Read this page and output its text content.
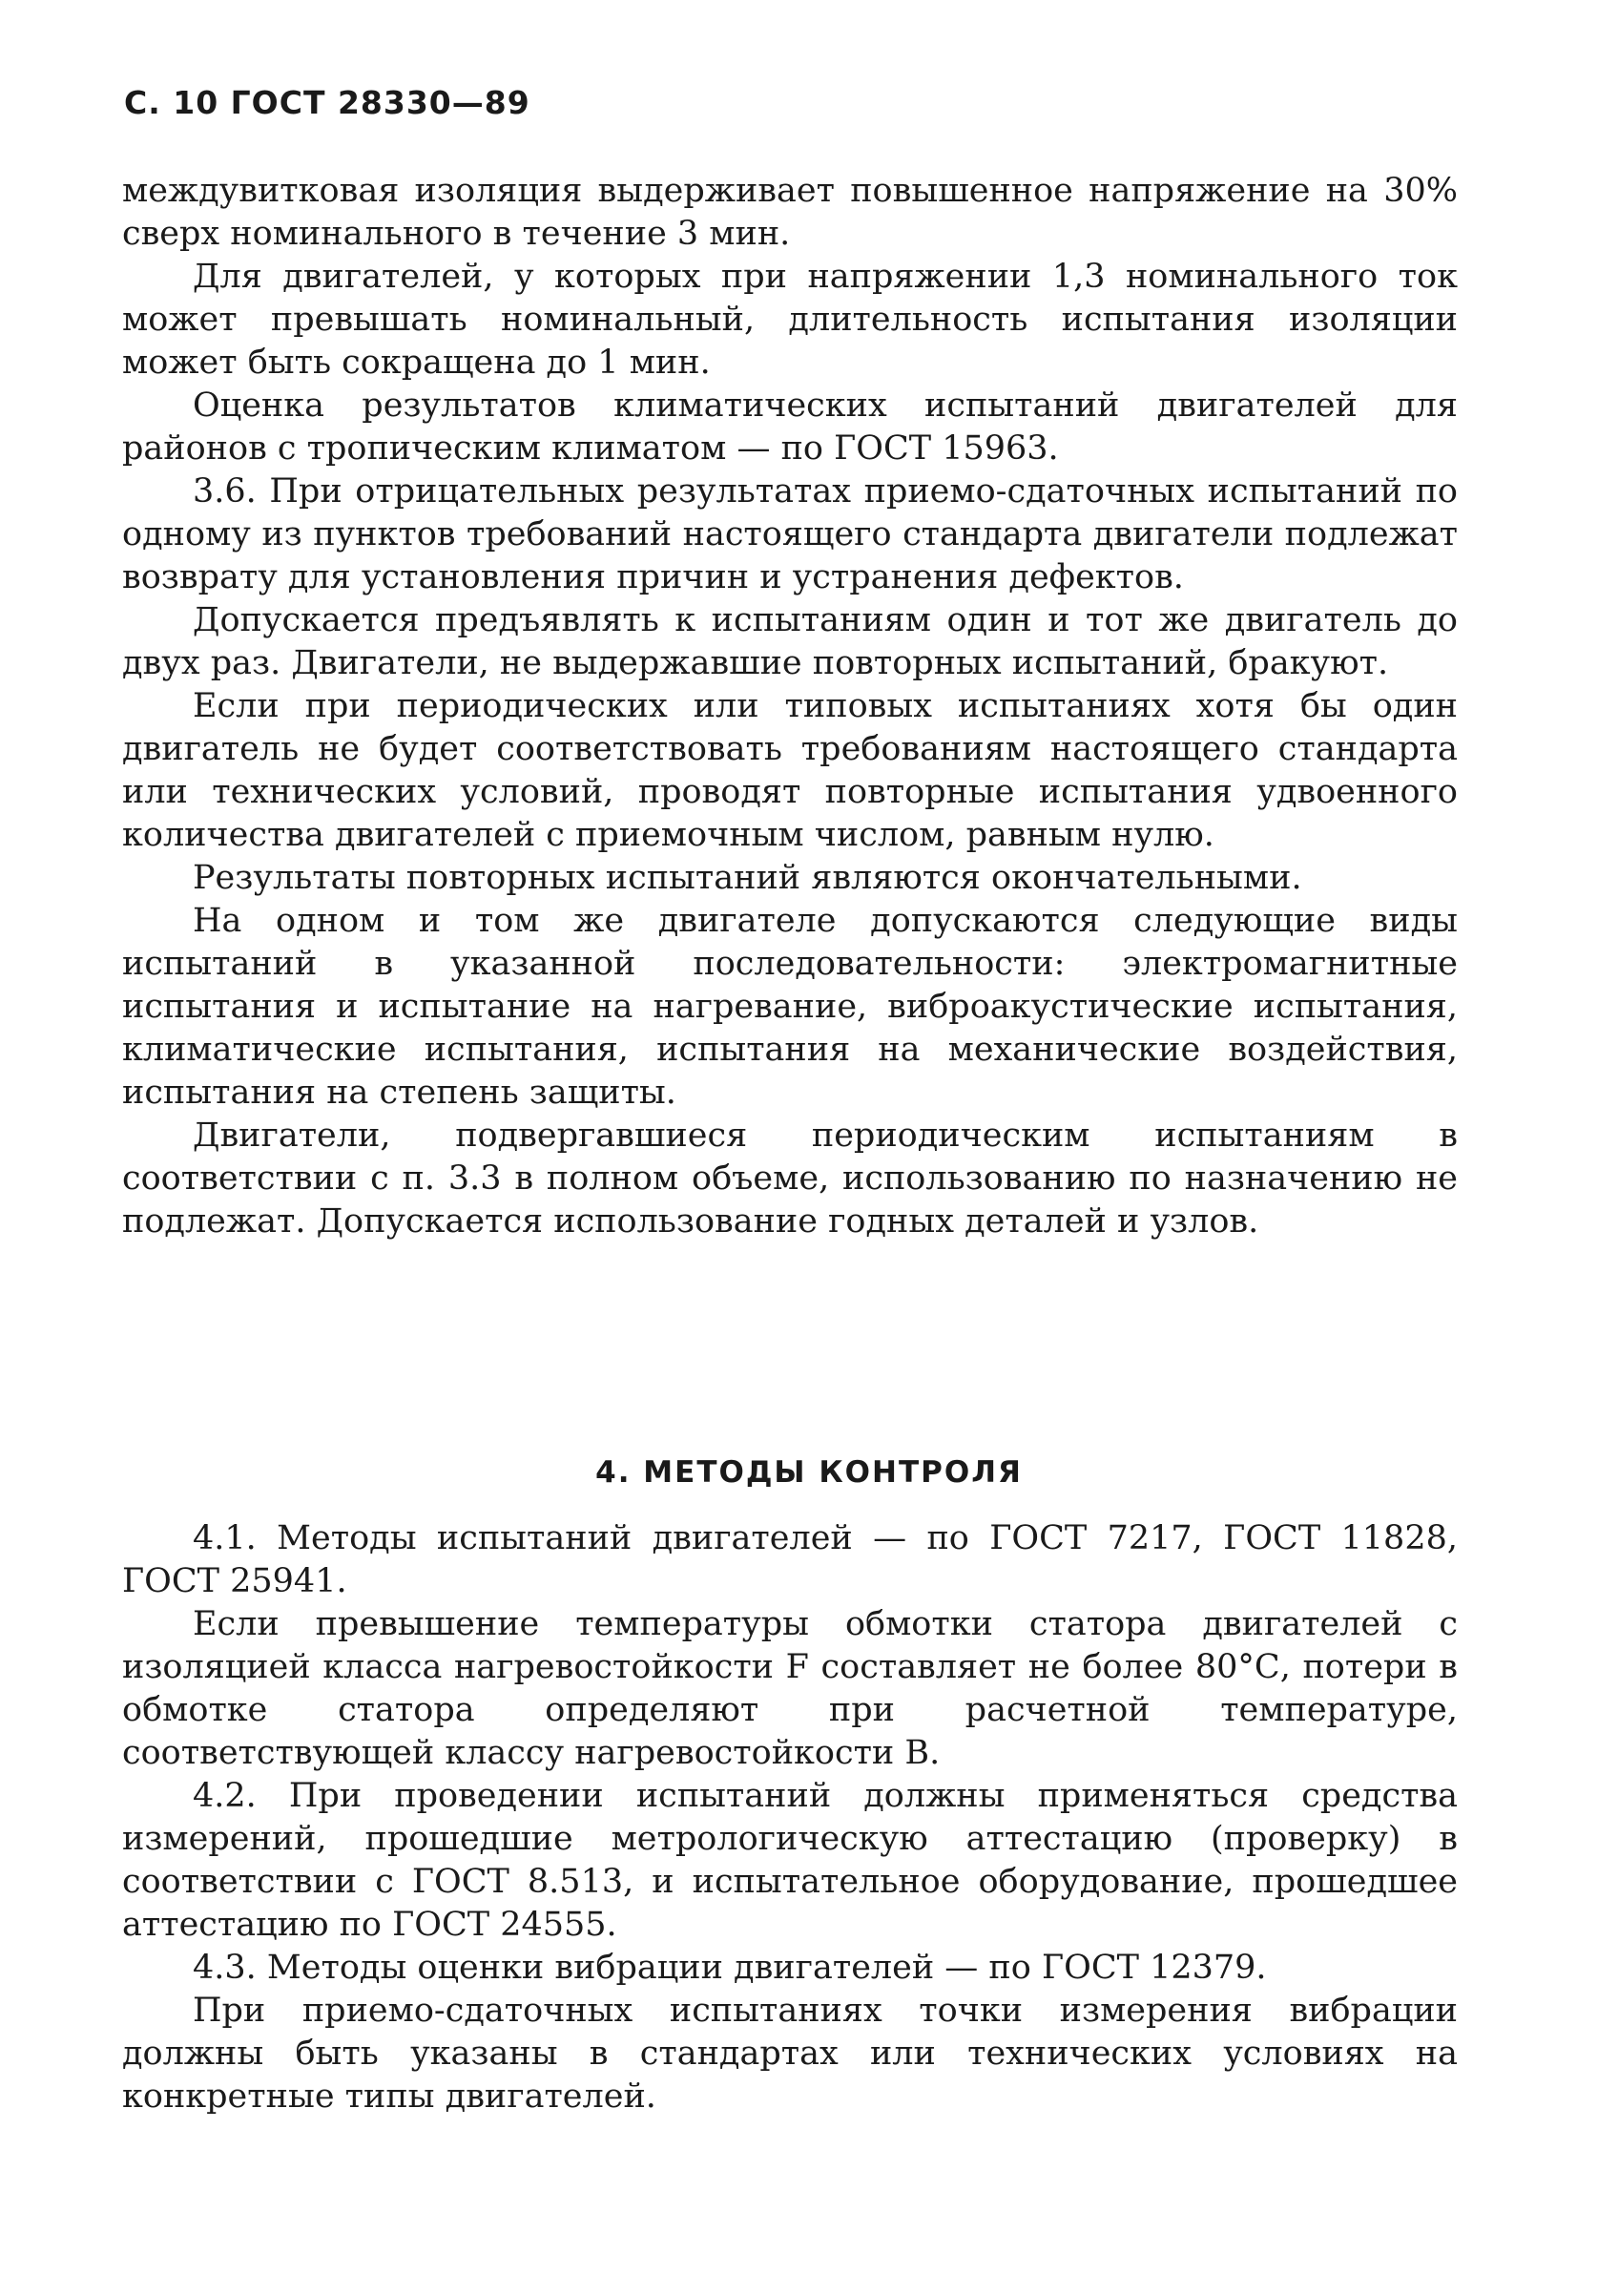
С. 10 ГОСТ 28330—89

междувитковая изоляция выдерживает повышенное напряжение на 30% сверх номинального в течение 3 мин.

Для двигателей, у которых при напряжении 1,3 номинального ток может превышать номинальный, длительность испытания изоляции может быть сокращена до 1 мин.

Оценка результатов климатических испытаний двигателей для районов с тропическим климатом — по ГОСТ 15963.

3.6. При отрицательных результатах приемо-сдаточных испытаний по одному из пунктов требований настоящего стандарта двигатели подлежат возврату для установления причин и устранения дефектов.

Допускается предъявлять к испытаниям один и тот же двигатель до двух раз. Двигатели, не выдержавшие повторных испытаний, бракуют.

Если при периодических или типовых испытаниях хотя бы один двигатель не будет соответствовать требованиям настоящего стандарта или технических условий, проводят повторные испытания удвоенного количества двигателей с приемочным числом, равным нулю.

Результаты повторных испытаний являются окончательными.

На одном и том же двигателе допускаются следующие виды испытаний в указанной последовательности: электромагнитные испытания и испытание на нагревание, виброакустические испытания, климатические испытания, испытания на механические воздействия, испытания на степень защиты.

Двигатели, подвергавшиеся периодическим испытаниям в соответствии с п. 3.3 в полном объеме, использованию по назначению не подлежат. Допускается использование годных деталей и узлов.

4. МЕТОДЫ КОНТРОЛЯ

4.1. Методы испытаний двигателей — по ГОСТ 7217, ГОСТ 11828, ГОСТ 25941.

Если превышение температуры обмотки статора двигателей с изоляцией класса нагревостойкости F составляет не более 80°С, потери в обмотке статора определяют при расчетной температуре, соответствующей классу нагревостойкости В.

4.2. При проведении испытаний должны применяться средства измерений, прошедшие метрологическую аттестацию (проверку) в соответствии с ГОСТ 8.513, и испытательное оборудование, прошедшее аттестацию по ГОСТ 24555.

4.3. Методы оценки вибрации двигателей — по ГОСТ 12379.

При приемо-сдаточных испытаниях точки измерения вибрации должны быть указаны в стандартах или технических условиях на конкретные типы двигателей.
